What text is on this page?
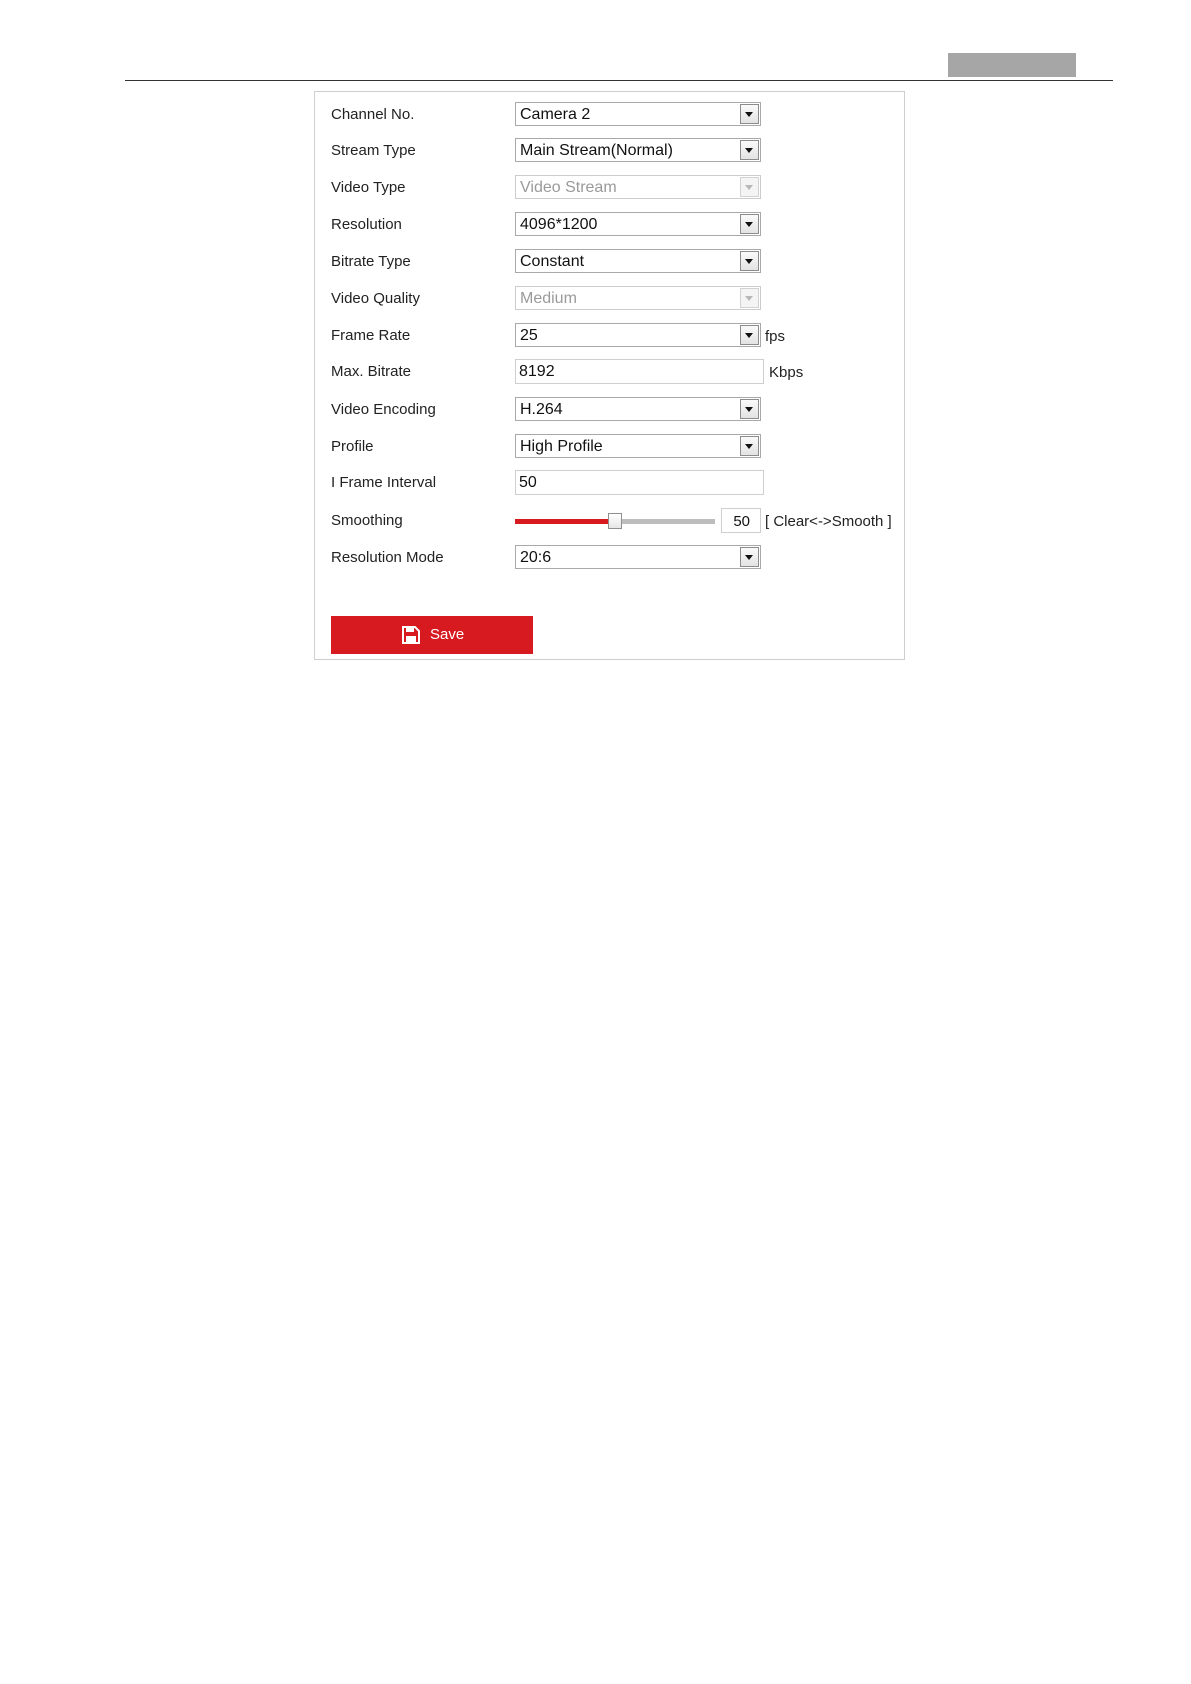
Channel No.	Camera 2
Stream Type	Main Stream(Normal)
Video Type	Video Stream
Resolution	4096*1200
Bitrate Type	Constant
Video Quality	Medium
Frame Rate	25	fps
Max. Bitrate	8192	Kbps
Video Encoding	H.264
Profile	High Profile
I Frame Interval	50
Smoothing	50 [ Clear<->Smooth ]
Resolution Mode	20:6
Save
